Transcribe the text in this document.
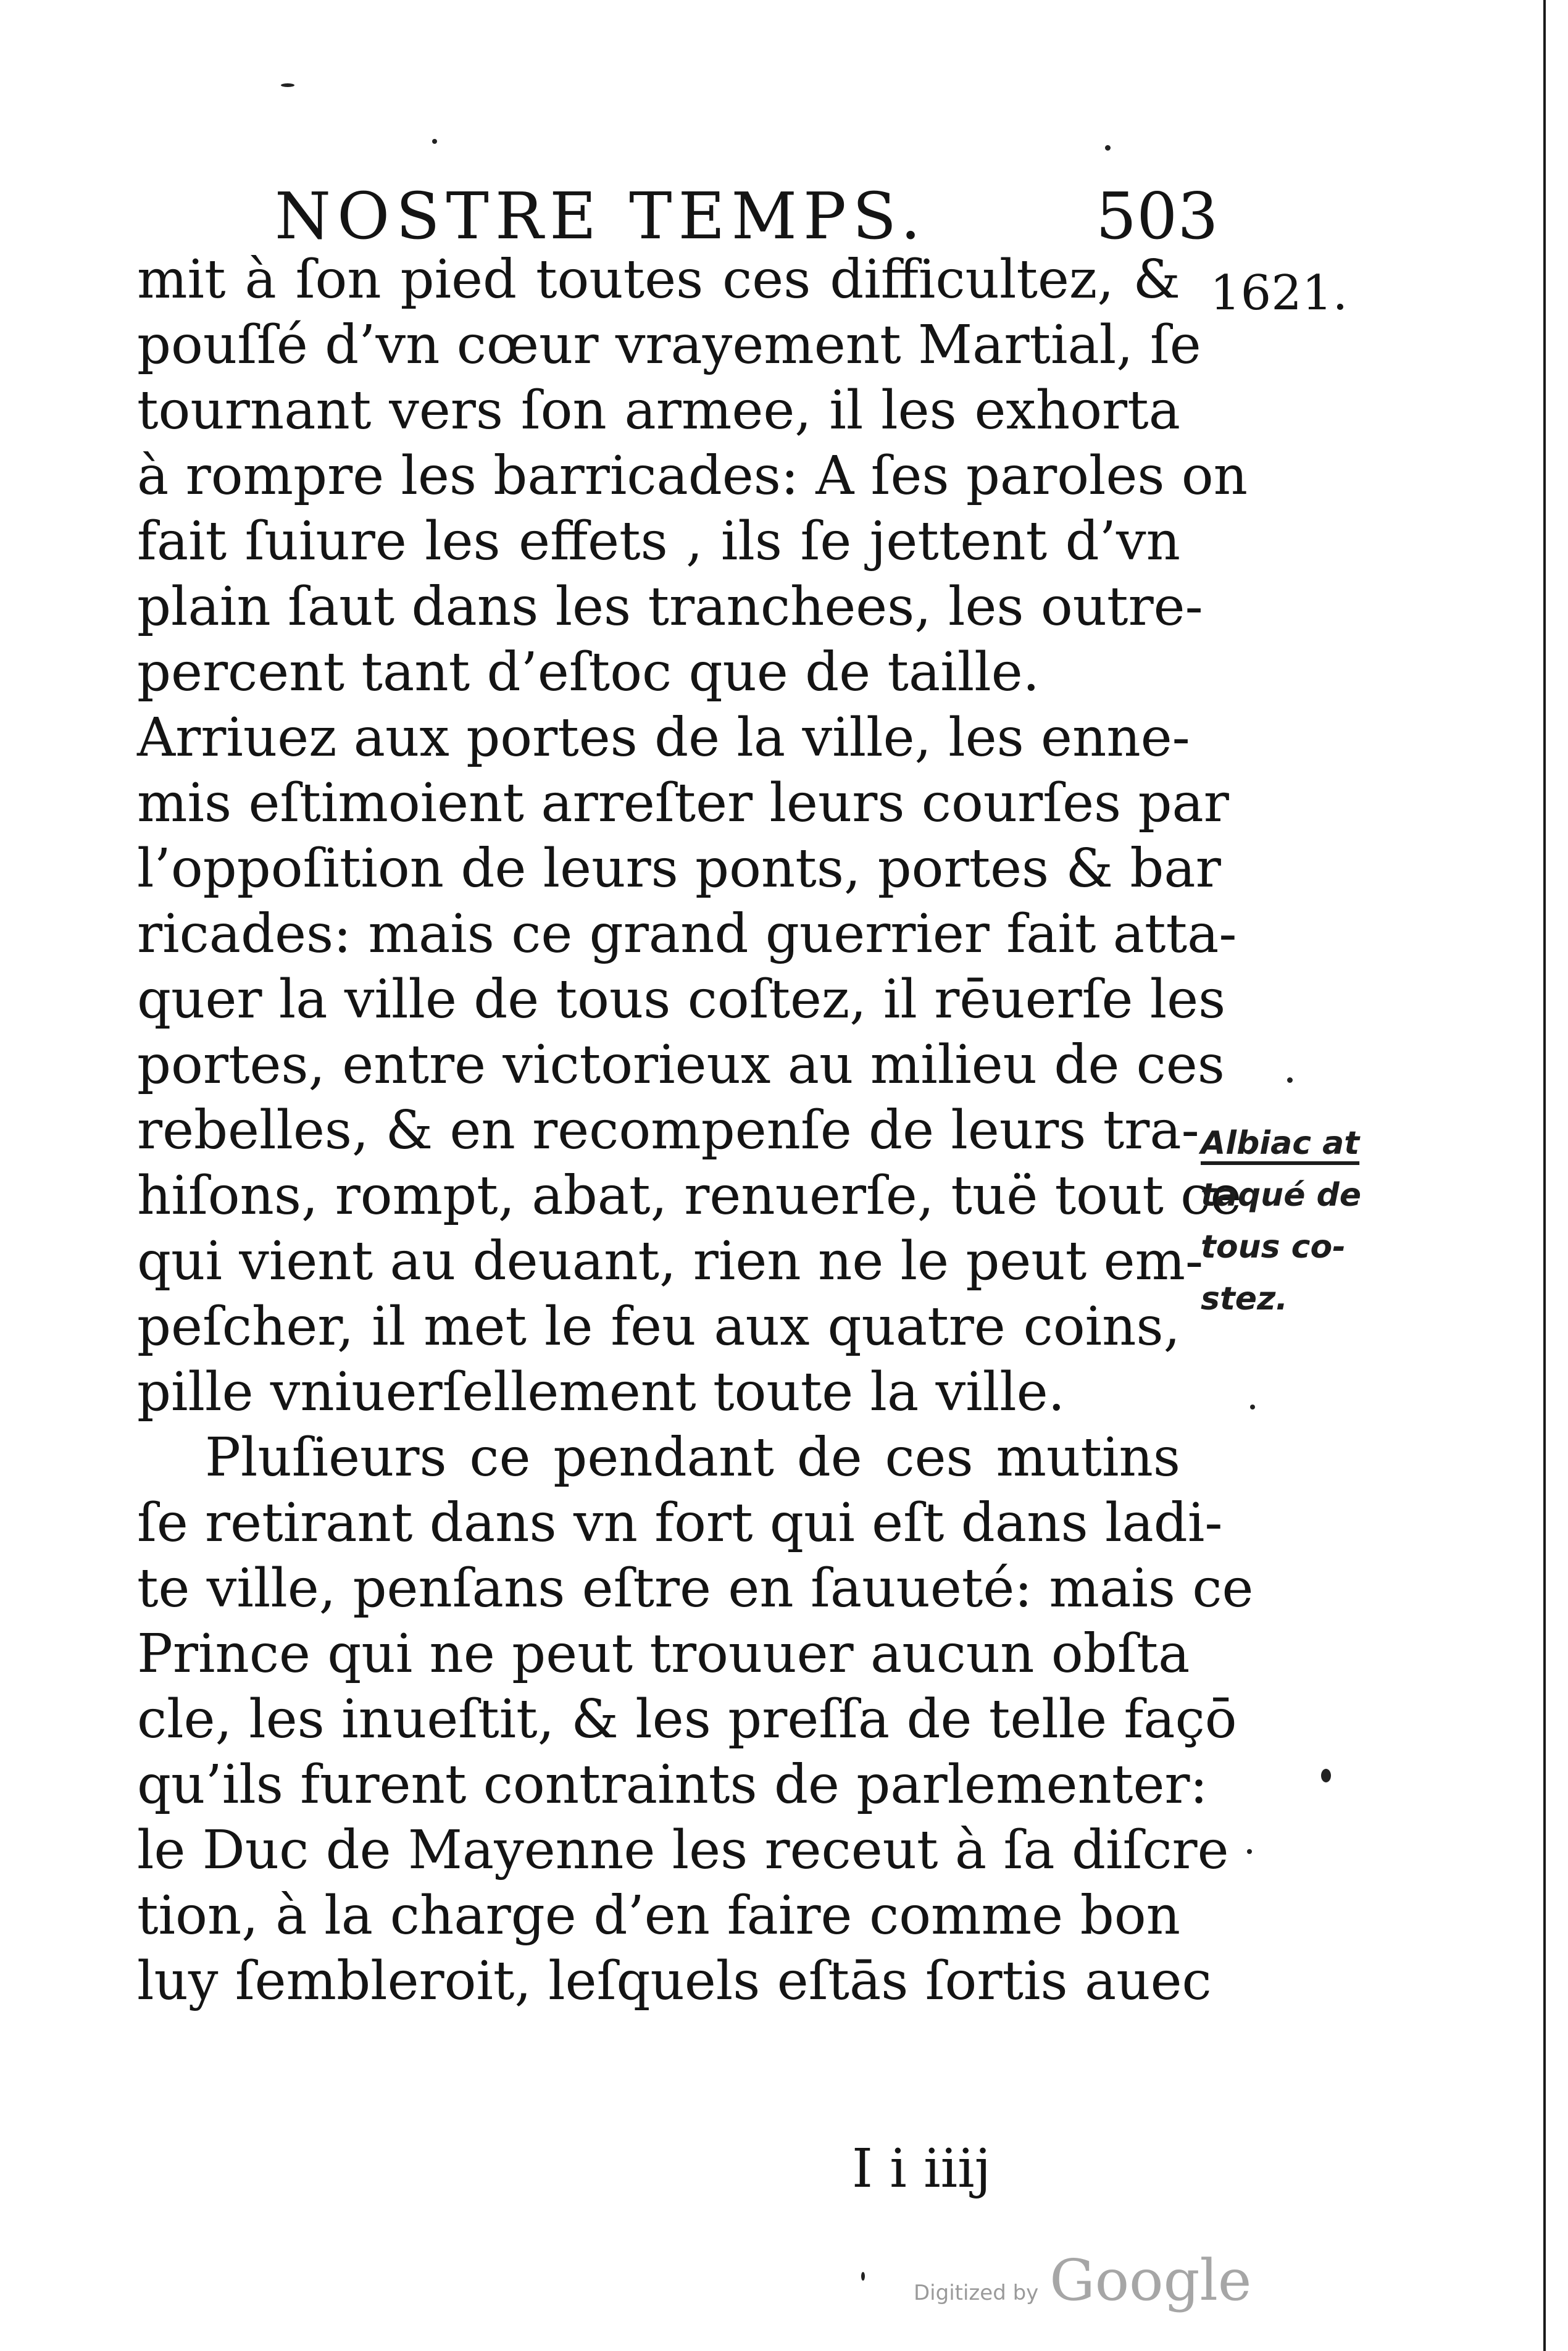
NOSTRE TEMPS.	503
1621.
mit à ſon pied toutes ces difficultez, &
pouſſé d’vn cœur vrayement Martial, ſe
tournant vers ſon armee, il les exhorta
à rompre les barricades: A ſes paroles on
fait ſuiure les effets , ils ſe jettent d’vn
plain ſaut dans les tranchees, les outre-
percent tant d’eſtoc que de taille.
Arriuez aux portes de la ville, les enne-
mis eſtimoient arreſter leurs courſes par
l’oppoſition de leurs ponts, portes & bar
ricades: mais ce grand guerrier fait atta-
quer la ville de tous coſtez, il rēuerſe les
portes, entre victorieux au milieu de ces
rebelles, & en recompenſe de leurs tra-
hiſons, rompt, abat, renuerſe, tuë tout ce
qui vient au deuant, rien ne le peut em-
peſcher, il met le feu aux quatre coins,
pille vniuerſellement toute la ville.
Pluſieurs ce pendant de ces mutins
ſe retirant dans vn fort qui eſt dans ladi-
te ville, penſans eſtre en ſauueté: mais ce
Prince qui ne peut trouuer aucun obſta
cle, les inueſtit, & les preſſa de telle façō
qu’ils furent contraints de parlementer:
le Duc de Mayenne les receut à ſa diſcre
tion, à la charge d’en faire comme bon
luy ſembleroit, leſquels eſtās ſortis auec
Albiac at
taqué de
tous co-
stez.
I i iiij
Digitized by Google
